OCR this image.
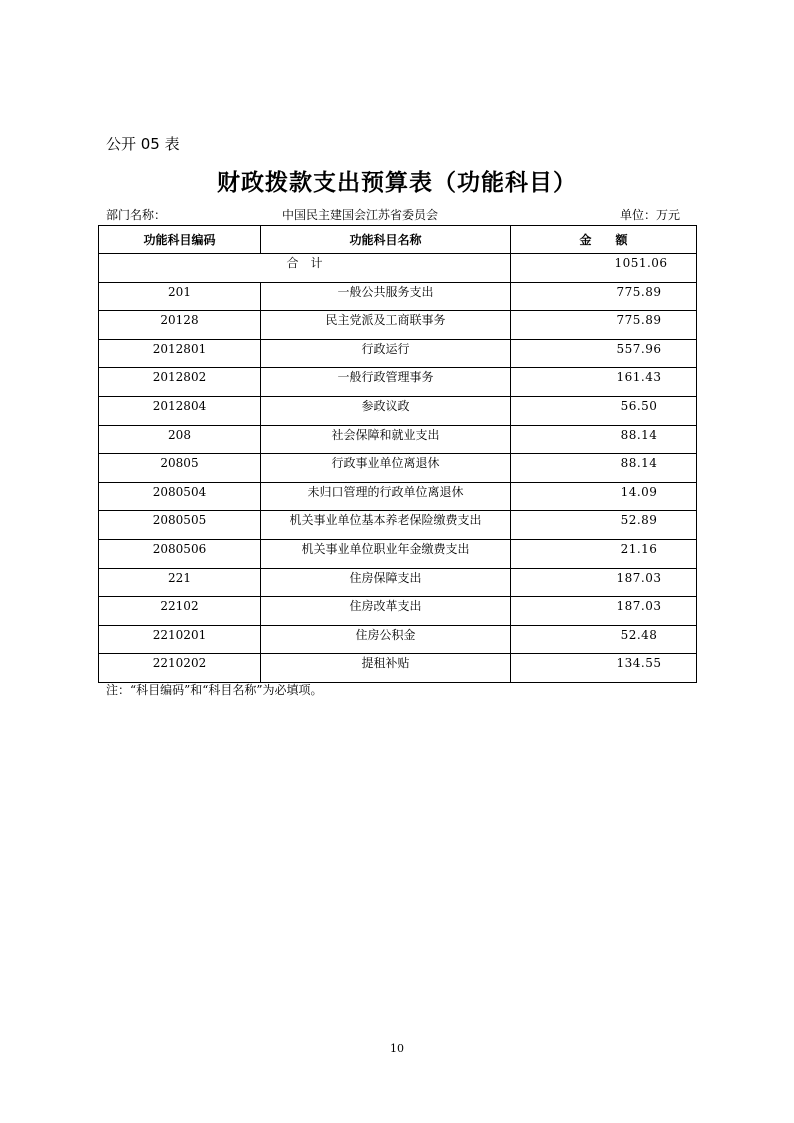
公开 05 表
财政拨款支出预算表（功能科目）
部门名称：	中国民主建国会江苏省委员会	单位：万元
功能科目编码	功能科目名称	金　　额
合　计		1051.06
201	一般公共服务支出	775.89
20128	民主党派及工商联事务	775.89
2012801	行政运行	557.96
2012802	一般行政管理事务	161.43
2012804	参政议政	56.50
208	社会保障和就业支出	88.14
20805	行政事业单位离退休	88.14
2080504	未归口管理的行政单位离退休	14.09
2080505	机关事业单位基本养老保险缴费支出	52.89
2080506	机关事业单位职业年金缴费支出	21.16
221	住房保障支出	187.03
22102	住房改革支出	187.03
2210201	住房公积金	52.48
2210202	提租补贴	134.55
注：“科目编码”和“科目名称”为必填项。
10
